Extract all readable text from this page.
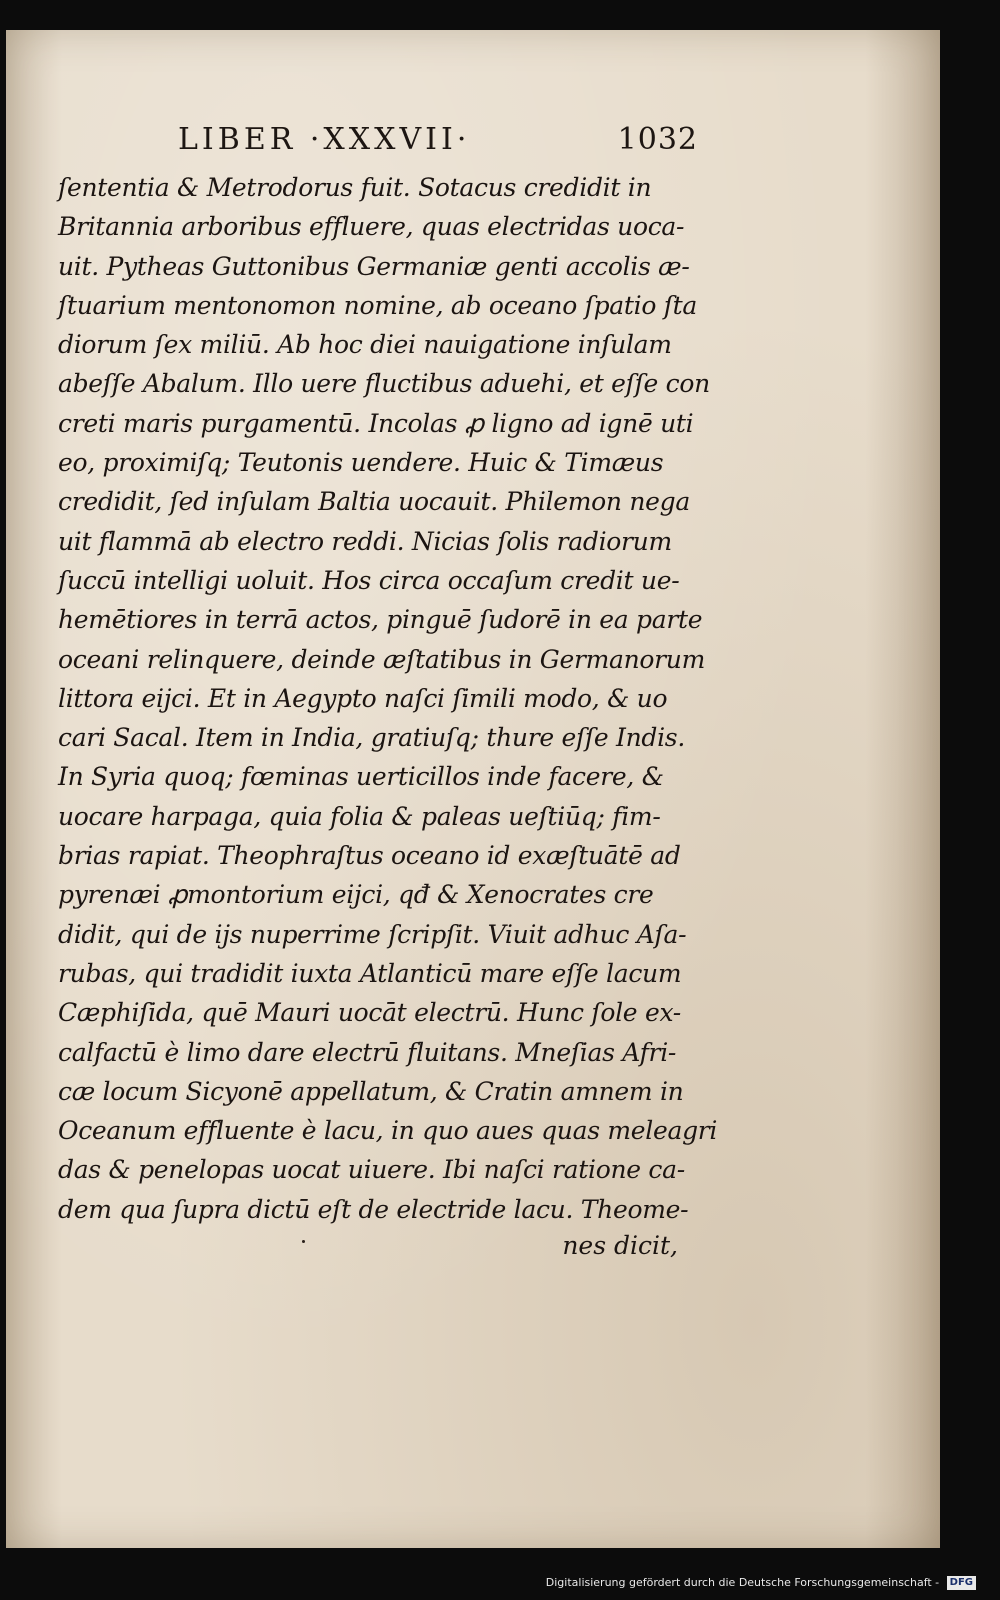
LIBER ·XXXVII·	1032
ſententia & Metrodorus fuit. Sotacus credidit in
Britannia arboribus effluere, quas electridas uoca-
uit. Pytheas Guttonibus Germaniæ genti accolis æ-
ſtuarium mentonomon nomine, ab oceano ſpatio ſta
diorum ſex miliū. Ab hoc diei nauigatione inſulam
abeſſe Abalum. Illo uere fluctibus aduehi, et eſſe con
creti maris purgamentū. Incolas ꝓ ligno ad ignē uti
eo, proximiſq; Teutonis uendere. Huic & Timæus
credidit, ſed inſulam Baltia uocauit. Philemon nega
uit flammā ab electro reddi. Nicias ſolis radiorum
ſuccū intelligi uoluit. Hos circa occaſum credit ue-
hemētiores in terrā actos, pinguē ſudorē in ea parte
oceani relinquere, deinde æſtatibus in Germanorum
littora eijci. Et in Aegypto naſci ſimili modo, & uo
cari Sacal. Item in India, gratiuſq; thure eſſe Indis.
In Syria quoq; fœminas uerticillos inde facere, &
uocare harpaga, quia folia & paleas ueſtiūq; fim-
brias rapiat. Theophraſtus oceano id exæſtuātē ad
pyrenæi ꝓmontorium eijci, qđ & Xenocrates cre
didit, qui de ijs nuperrime ſcripſit. Viuit adhuc Aſa-
rubas, qui tradidit iuxta Atlanticū mare eſſe lacum
Cæphiſida, quē Mauri uocāt electrū. Hunc ſole ex-
calfactū è limo dare electrū fluitans. Mneſias Afri-
cæ locum Sicyonē appellatum, & Cratin amnem in
Oceanum effluente è lacu, in quo aues quas meleagri
das & penelopas uocat uiuere. Ibi naſci ratione ca-
dem qua ſupra dictū eſt de electride lacu. Theome-
nes dicit,
Digitalisierung gefördert durch die Deutsche Forschungsgemeinschaft - DFG
